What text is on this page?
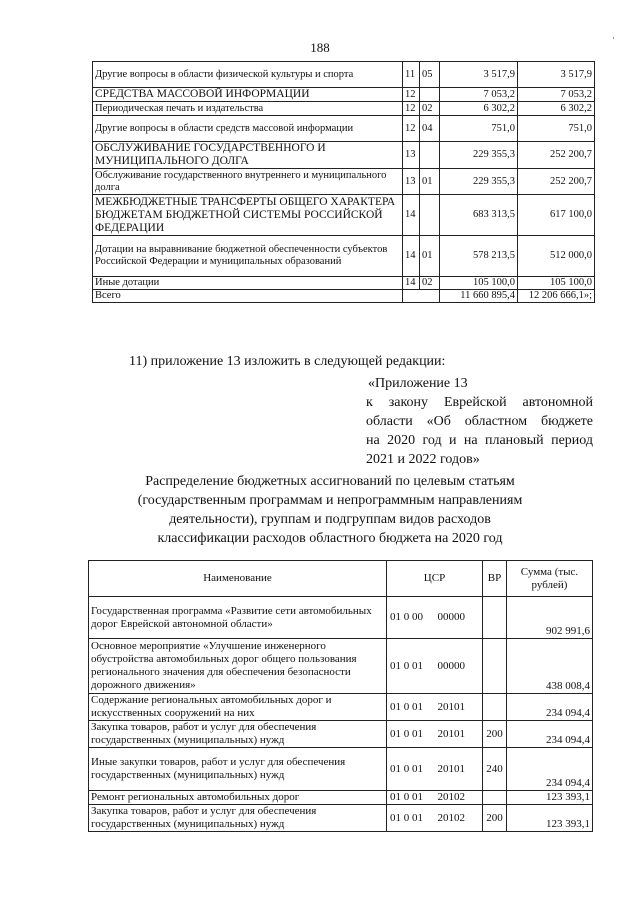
188
·
Другие вопросы в области физической культуры и спорта	11	05	3 517,9	3 517,9
СРЕДСТВА МАССОВОЙ ИНФОРМАЦИИ	12		7 053,2	7 053,2
Периодическая печать и издательства	12	02	6 302,2	6 302,2
Другие вопросы в области средств массовой информации	12	04	751,0	751,0
ОБСЛУЖИВАНИЕ ГОСУДАРСТВЕННОГО И МУНИЦИПАЛЬНОГО ДОЛГА	13		229 355,3	252 200,7
Обслуживание государственного внутреннего и муниципального долга	13	01	229 355,3	252 200,7
МЕЖБЮДЖЕТНЫЕ ТРАНСФЕРТЫ ОБЩЕГО ХАРАКТЕРА БЮДЖЕТАМ БЮДЖЕТНОЙ СИСТЕМЫ РОССИЙСКОЙ ФЕДЕРАЦИИ	14		683 313,5	617 100,0
Дотации на выравнивание бюджетной обеспеченности субъектов Российской Федерации и муниципальных образований	14	01	578 213,5	512 000,0
Иные дотации	14	02	105 100,0	105 100,0
Всего			11 660 895,4	12 206 666,1»;
11) приложение 13 изложить в следующей редакции:
«Приложение 13
к закону Еврейской автономной
области «Об областном бюджете
на 2020 год и на плановый период
2021 и 2022 годов»
Распределение бюджетных ассигнований по целевым статьям
(государственным программам и непрограммным направлениям
деятельности), группам и подгруппам видов расходов
классификации расходов областного бюджета на 2020 год
Наименование	ЦСР		ВР	Сумма (тыс. рублей)
Государственная программа «Развитие сети автомобильных дорог Еврейской автономной области»	01 0 00	00000		902 991,6
Основное мероприятие «Улучшение инженерного обустройства автомобильных дорог общего пользования регионального значения для обеспечения безопасности дорожного движения»	01 0 01	00000		438 008,4
Содержание региональных автомобильных дорог и искусственных сооружений на них	01 0 01	20101		234 094,4
Закупка товаров, работ и услуг для обеспечения государственных (муниципальных) нужд	01 0 01	20101	200	234 094,4
Иные закупки товаров, работ и услуг для обеспечения государственных (муниципальных) нужд	01 0 01	20101	240	234 094,4
Ремонт региональных автомобильных дорог	01 0 01	20102		123 393,1
Закупка товаров, работ и услуг для обеспечения государственных (муниципальных) нужд	01 0 01	20102	200	123 393,1
